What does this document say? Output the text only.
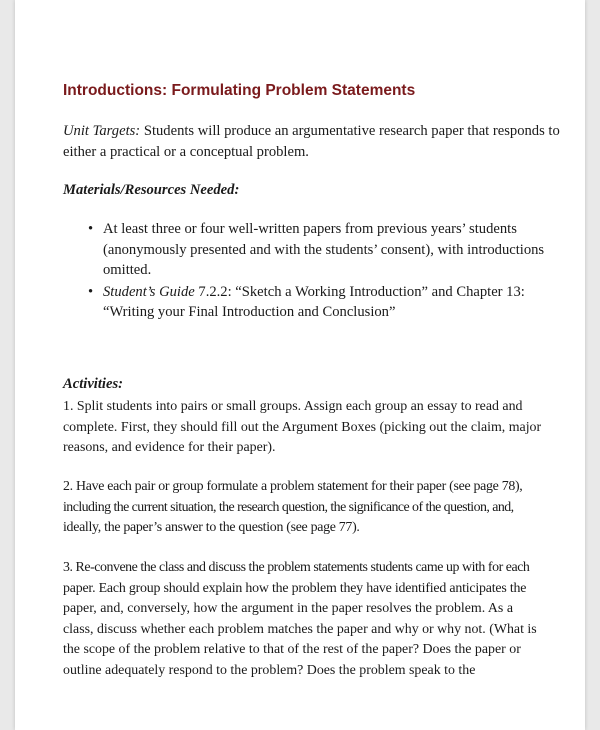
Introductions: Formulating Problem Statements

Unit Targets: Students will produce an argumentative research paper that responds to either a practical or a conceptual problem.

Materials/Resources Needed:

• At least three or four well-written papers from previous years’ students (anonymously presented and with the students’ consent), with introductions omitted.
• Student’s Guide 7.2.2: “Sketch a Working Introduction” and Chapter 13: “Writing your Final Introduction and Conclusion”

Activities:

1. Split students into pairs or small groups. Assign each group an essay to read and
complete. First, they should fill out the Argument Boxes (picking out the claim, major
reasons, and evidence for their paper).
2. Have each pair or group formulate a problem statement for their paper (see page 78),
including the current situation, the research question, the significance of the question, and,
ideally, the paper’s answer to the question (see page 77).
3. Re-convene the class and discuss the problem statements students came up with for each
paper. Each group should explain how the problem they have identified anticipates the
paper, and, conversely, how the argument in the paper resolves the problem. As a
class, discuss whether each problem matches the paper and why or why not. (What is
the scope of the problem relative to that of the rest of the paper? Does the paper or
outline adequately respond to the problem? Does the problem speak to the
